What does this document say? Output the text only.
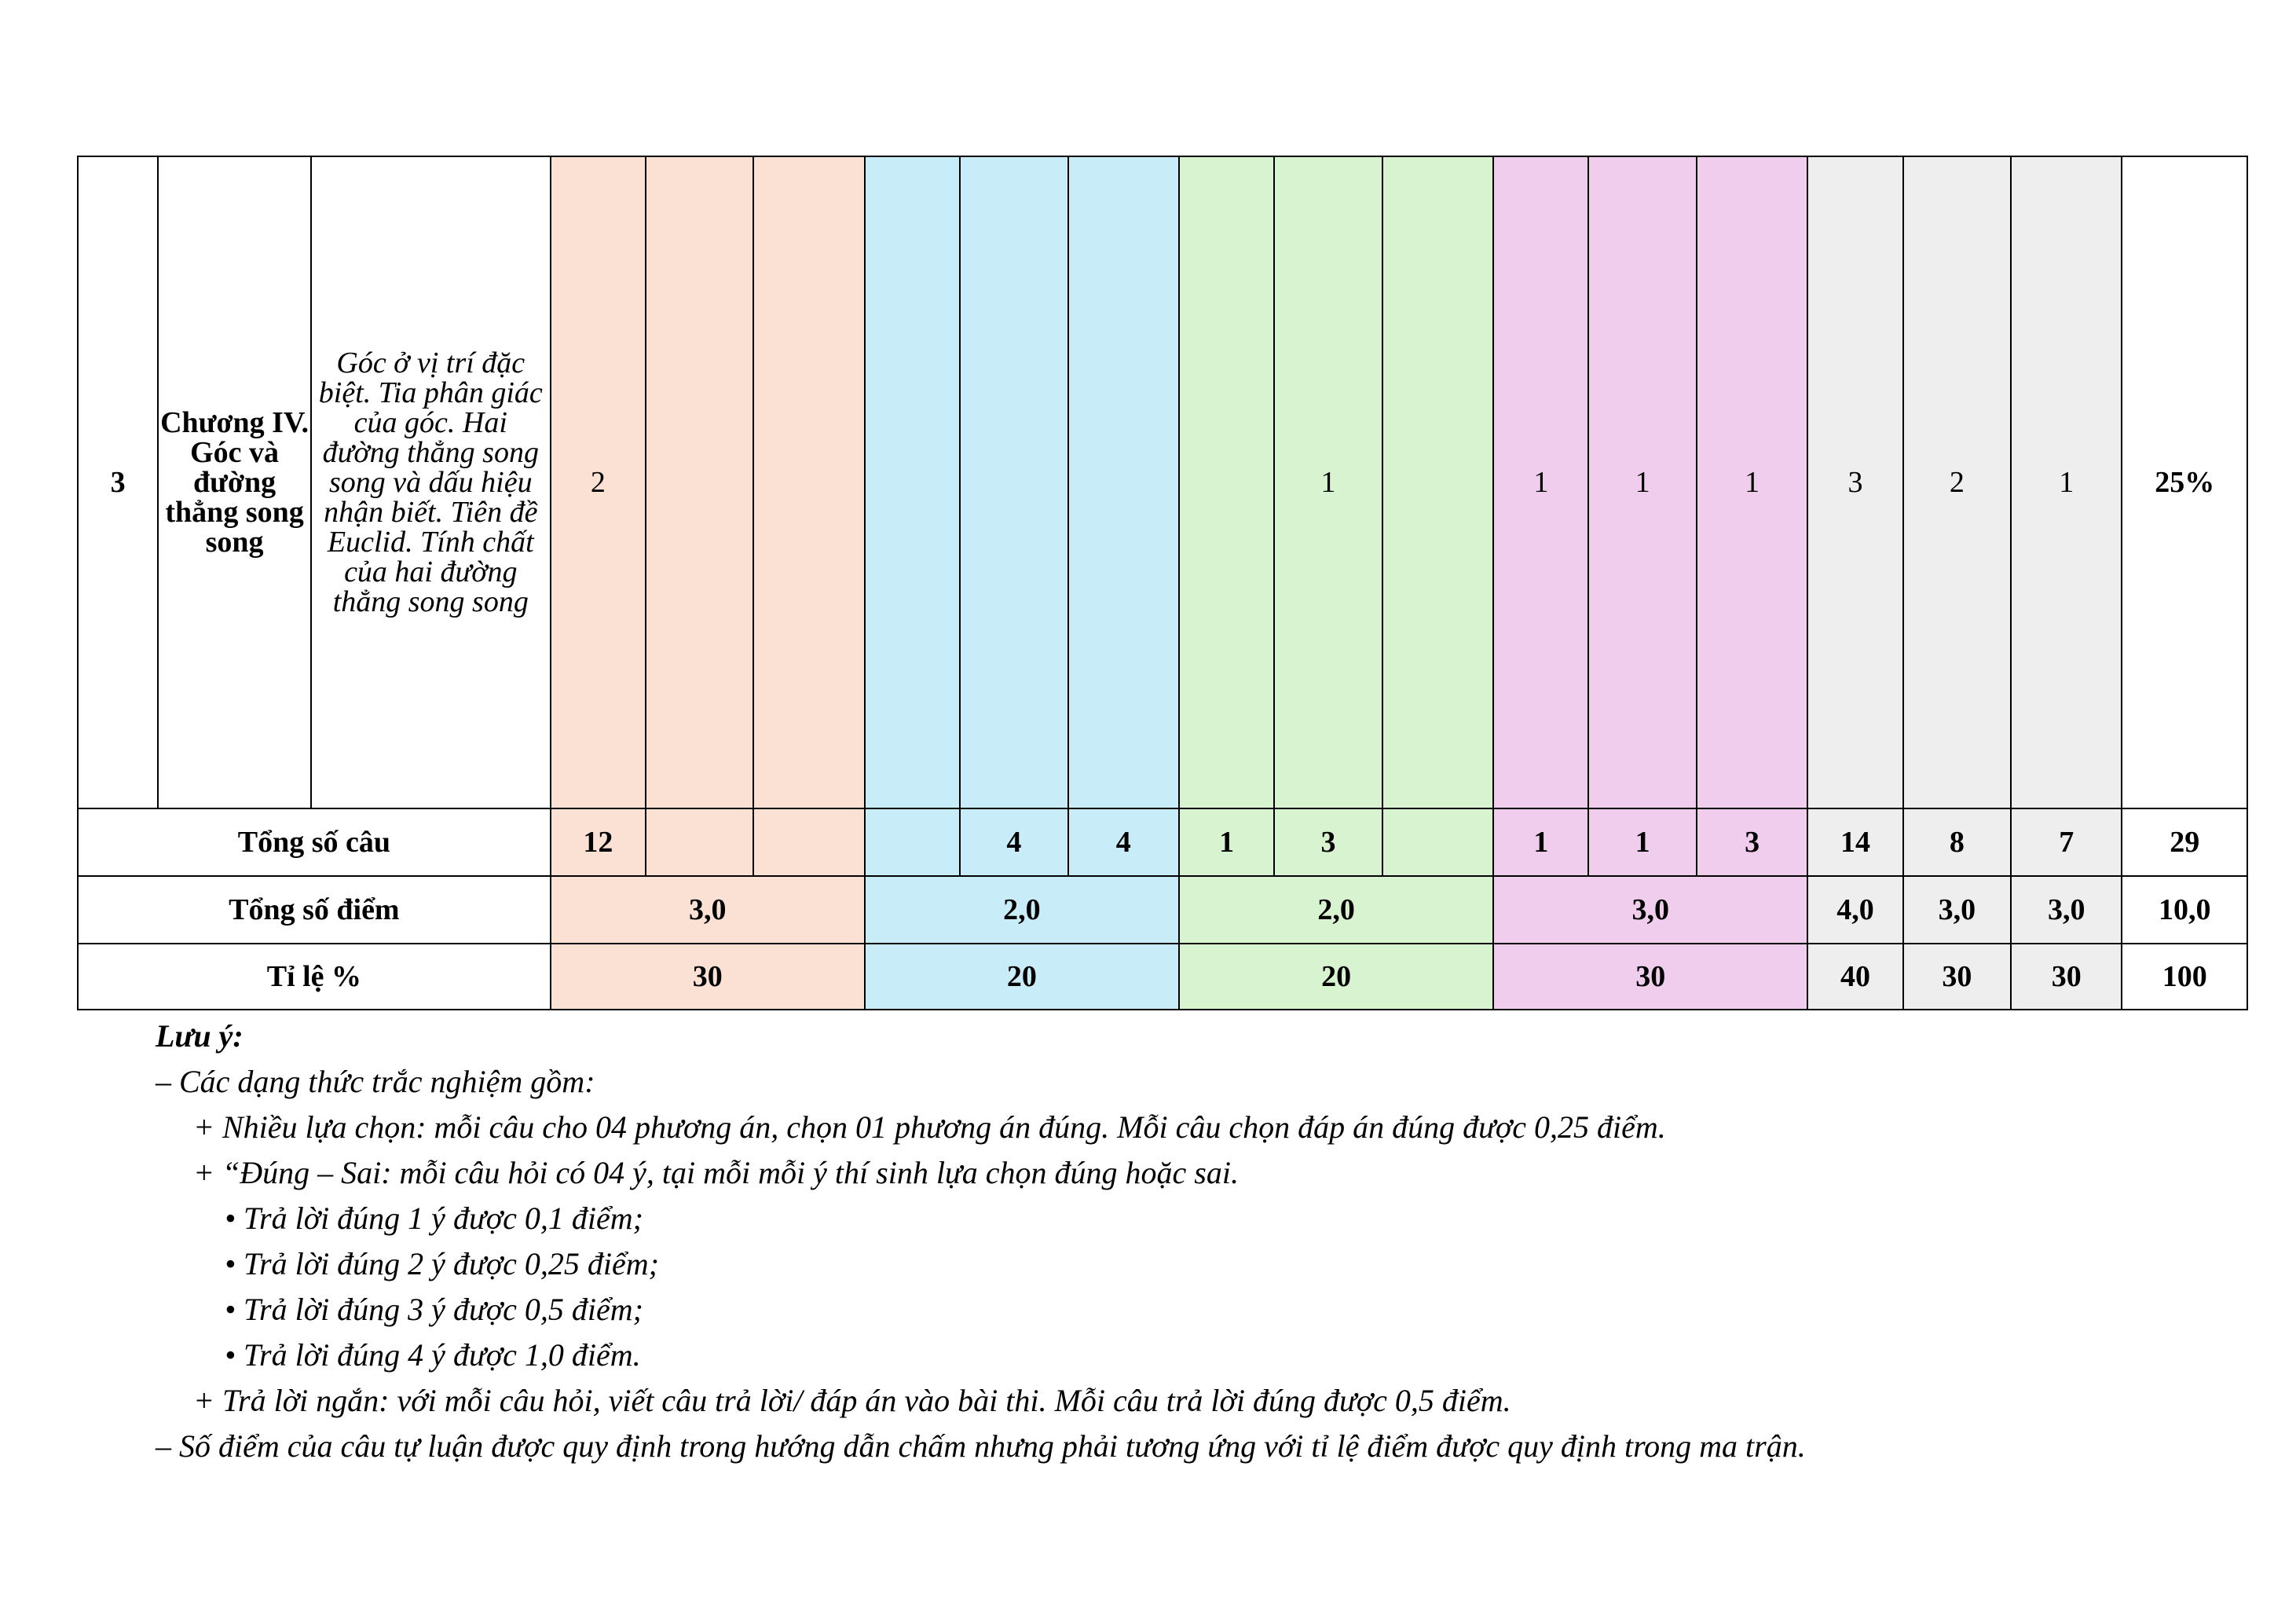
3	Chương IV. Góc và đường thẳng song song	Góc ở vị trí đặc biệt. Tia phân giác của góc. Hai đường thẳng song song và dấu hiệu nhận biết. Tiên đề Euclid. Tính chất của hai đường thẳng song song	2							1		1	1	1	3	2	1	25%
Tổng số câu			12				4	4	1	3		1	1	3	14	8	7	29
Tổng số điểm			3,0			2,0			2,0			3,0			4,0	3,0	3,0	10,0
Tỉ lệ %			30			20			20			30			40	30	30	100
Lưu ý:
– Các dạng thức trắc nghiệm gồm:
+ Nhiều lựa chọn: mỗi câu cho 04 phương án, chọn 01 phương án đúng. Mỗi câu chọn đáp án đúng được 0,25 điểm.
+ “Đúng – Sai: mỗi câu hỏi có 04 ý, tại mỗi mỗi ý thí sinh lựa chọn đúng hoặc sai.
• Trả lời đúng 1 ý được 0,1 điểm;
• Trả lời đúng 2 ý được 0,25 điểm;
• Trả lời đúng 3 ý được 0,5 điểm;
• Trả lời đúng 4 ý được 1,0 điểm.
+ Trả lời ngắn: với mỗi câu hỏi, viết câu trả lời/ đáp án vào bài thi. Mỗi câu trả lời đúng được 0,5 điểm.
– Số điểm của câu tự luận được quy định trong hướng dẫn chấm nhưng phải tương ứng với tỉ lệ điểm được quy định trong ma trận.
